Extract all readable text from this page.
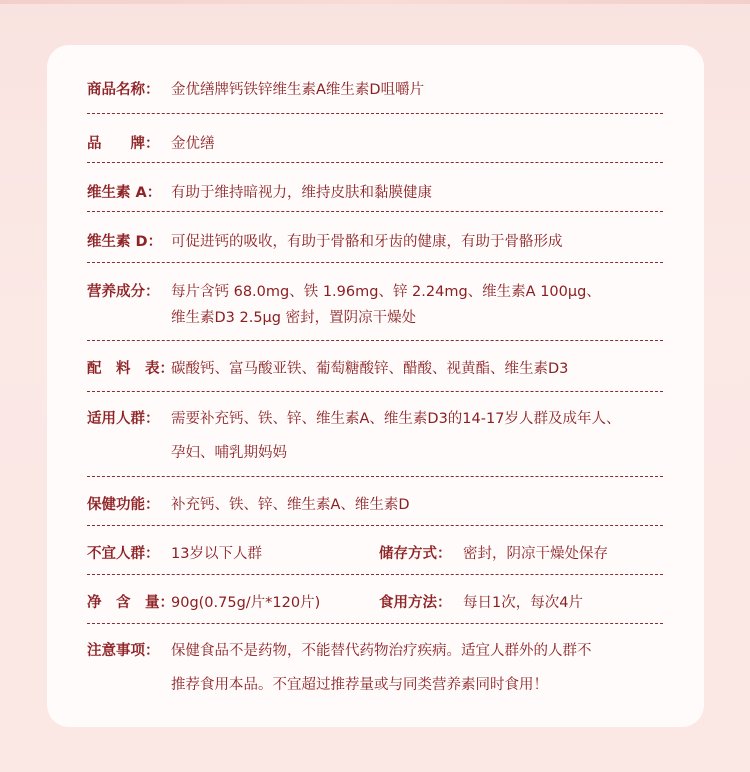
商品名称： 金优缮牌钙铁锌维生素A维生素D咀嚼片
品　　牌： 金优缮
维生素 A： 有助于维持暗视力，维持皮肤和黏膜健康
维生素 D： 可促进钙的吸收，有助于骨骼和牙齿的健康，有助于骨骼形成
营养成分： 每片含钙 68.0mg、铁 1.96mg、锌 2.24mg、维生素A 100μg、
维生素D3 2.5μg 密封，置阴凉干燥处
配　料　表：
碳酸钙、富马酸亚铁、葡萄糖酸锌、醋酸、视黄酯、维生素D3
适用人群： 需要补充钙、铁、锌、维生素A、维生素D3的14-17岁人群及成年人、
孕妇、哺乳期妈妈
保健功能： 补充钙、铁、锌、维生素A、维生素D
不宜人群： 13岁以下人群	储存方式： 密封，阴凉干燥处保存
净　含　量：
90g(0.75g/片*120片)	食用方法： 每日1次，每次4片
注意事项： 保健食品不是药物，不能替代药物治疗疾病。适宜人群外的人群不
推荐食用本品。不宜超过推荐量或与同类营养素同时食用！
